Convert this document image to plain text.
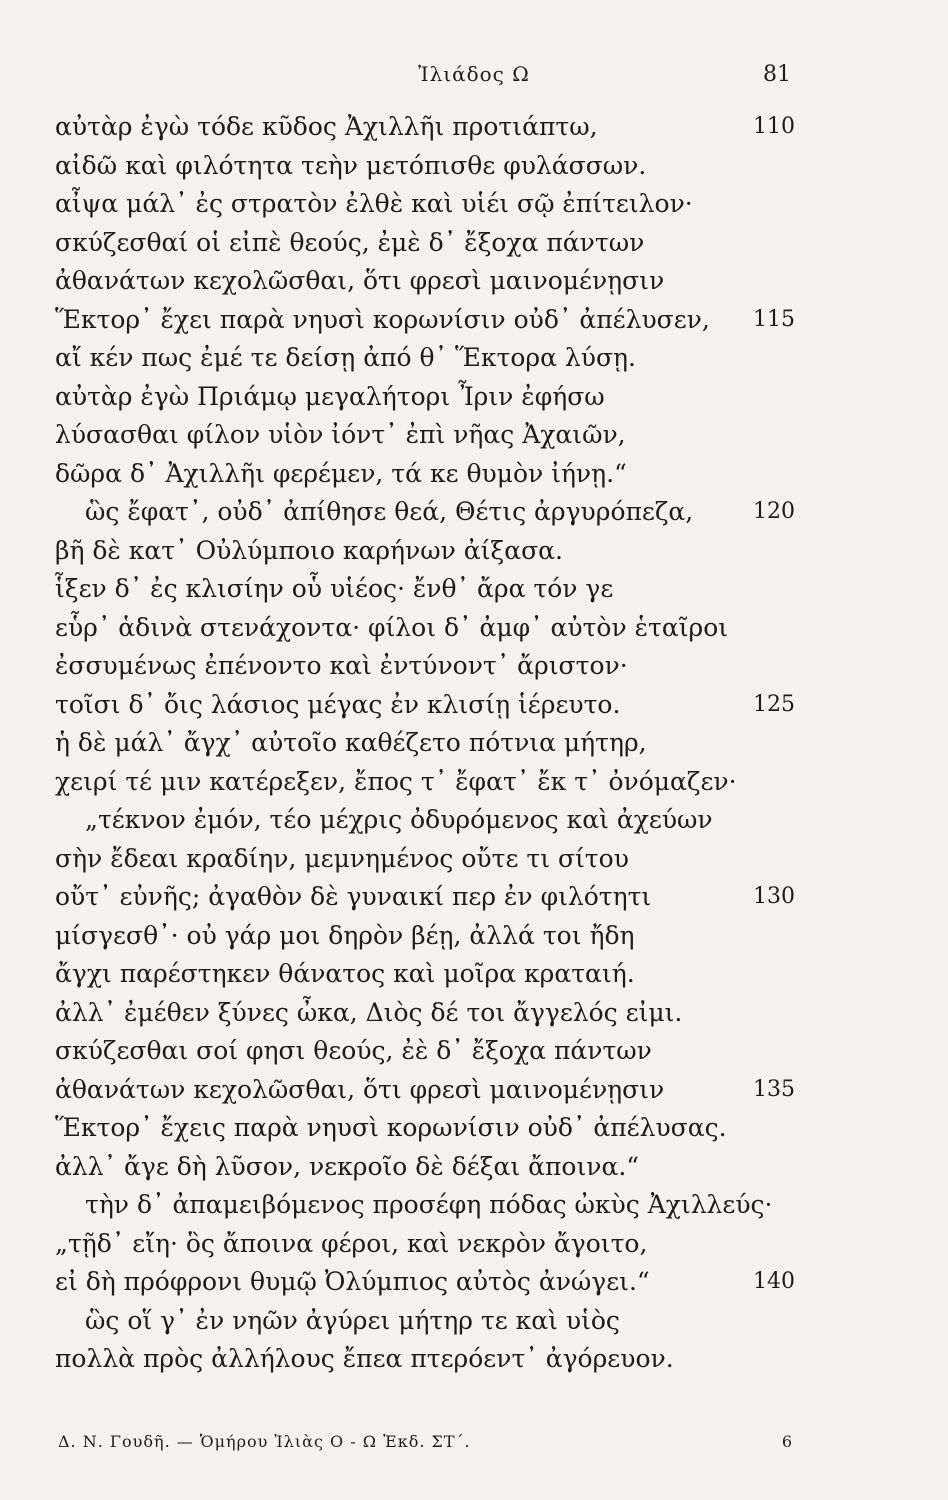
Ἰλιάδος Ω	81
αὐτὰρ ἐγὼ τόδε κῦδος Ἀχιλλῆι προτιάπτω,	110
αἰδῶ καὶ φιλότητα τεὴν μετόπισθε φυλάσσων.
αἶψα μάλ᾽ ἐς στρατὸν ἐλθὲ καὶ υἱέι σῷ ἐπίτειλον·
σκύζεσθαί οἱ εἰπὲ θεούς, ἐμὲ δ᾽ ἔξοχα πάντων
ἀθανάτων κεχολῶσθαι, ὅτι φρεσὶ μαινομένῃσιν
Ἕκτορ᾽ ἔχει παρὰ νηυσὶ κορωνίσιν οὐδ᾽ ἀπέλυσεν, 115
αἴ κέν πως ἐμέ τε δείσῃ ἀπό θ᾽ Ἕκτορα λύσῃ.
αὐτὰρ ἐγὼ Πριάμῳ μεγαλήτορι Ἶριν ἐφήσω
λύσασθαι φίλον υἱὸν ἰόντ᾽ ἐπὶ νῆας Ἀχαιῶν,
δῶρα δ᾽ Ἀχιλλῆι φερέμεν, τά κε θυμὸν ἰήνῃ.“
ὣς ἔφατ᾽, οὐδ᾽ ἀπίθησε θεά, Θέτις ἀργυρόπεζα,	120
βῆ δὲ κατ᾽ Οὐλύμποιο καρήνων ἀίξασα.
ἷξεν δ᾽ ἐς κλισίην οὗ υἱέος· ἔνθ᾽ ἄρα τόν γε
εὗρ᾽ ἁδινὰ στενάχοντα· φίλοι δ᾽ ἀμφ᾽ αὐτὸν ἑταῖροι
ἐσσυμένως ἐπένοντο καὶ ἐντύνοντ᾽ ἄριστον·
τοῖσι δ᾽ ὄις λάσιος μέγας ἐν κλισίῃ ἱέρευτο.	125
ἡ δὲ μάλ᾽ ἄγχ᾽ αὐτοῖο καθέζετο πότνια μήτηρ,
χειρί τέ μιν κατέρεξεν, ἔπος τ᾽ ἔφατ᾽ ἔκ τ᾽ ὀνόμαζεν·
„τέκνον ἐμόν, τέο μέχρις ὀδυρόμενος καὶ ἀχεύων
σὴν ἔδεαι κραδίην, μεμνημένος οὔτε τι σίτου
οὔτ᾽ εὐνῆς; ἀγαθὸν δὲ γυναικί περ ἐν φιλότητι	130
μίσγεσθ᾽· οὐ γάρ μοι δηρὸν βέῃ, ἀλλά τοι ἤδη
ἄγχι παρέστηκεν θάνατος καὶ μοῖρα κραταιή.
ἀλλ᾽ ἐμέθεν ξύνες ὦκα, Διὸς δέ τοι ἄγγελός εἰμι.
σκύζεσθαι σοί φησι θεούς, ἐὲ δ᾽ ἔξοχα πάντων
ἀθανάτων κεχολῶσθαι, ὅτι φρεσὶ μαινομένῃσιν	135
Ἕκτορ᾽ ἔχεις παρὰ νηυσὶ κορωνίσιν οὐδ᾽ ἀπέλυσας.
ἀλλ᾽ ἄγε δὴ λῦσον, νεκροῖο δὲ δέξαι ἄποινα.“
τὴν δ᾽ ἀπαμειβόμενος προσέφη πόδας ὠκὺς Ἀχιλλεύς·
„τῇδ᾽ εἴη· ὃς ἄποινα φέροι, καὶ νεκρὸν ἄγοιτο,
εἰ δὴ πρόφρονι θυμῷ Ὀλύμπιος αὐτὸς ἀνώγει.“	140
ὣς οἵ γ᾽ ἐν νηῶν ἀγύρει μήτηρ τε καὶ υἱὸς
πολλὰ πρὸς ἀλλήλους ἔπεα πτερόεντ᾽ ἀγόρευον.
Δ. Ν. Γουδῆ. — Ὁμήρου Ἰλιὰς Ο - Ω Ἐκδ. ΣΤ΄.	6
